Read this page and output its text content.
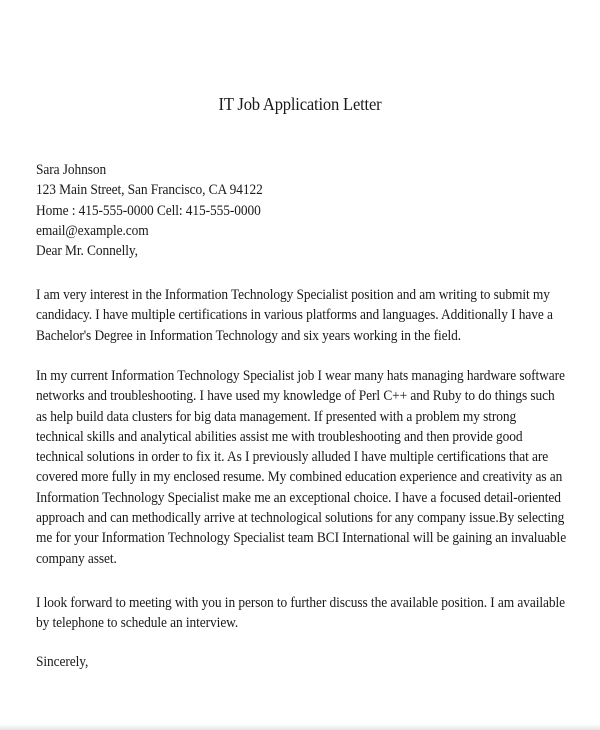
IT Job Application Letter
Sara Johnson
123 Main Street, San Francisco, CA 94122
Home : 415-555-0000 Cell: 415-555-0000
email@example.com
Dear Mr. Connelly,
I am very interest in the Information Technology Specialist position and am writing to submit my
candidacy. I have multiple certifications in various platforms and languages. Additionally I have a
Bachelor's Degree in Information Technology and six years working in the field.
In my current Information Technology Specialist job I wear many hats managing hardware software
networks and troubleshooting. I have used my knowledge of Perl C++ and Ruby to do things such
as help build data clusters for big data management. If presented with a problem my strong
technical skills and analytical abilities assist me with troubleshooting and then provide good
technical solutions in order to fix it. As I previously alluded I have multiple certifications that are
covered more fully in my enclosed resume. My combined education experience and creativity as an
Information Technology Specialist make me an exceptional choice. I have a focused detail-oriented
approach and can methodically arrive at technological solutions for any company issue.By selecting
me for your Information Technology Specialist team BCI International will be gaining an invaluable
company asset.
I look forward to meeting with you in person to further discuss the available position. I am available
by telephone to schedule an interview.
Sincerely,
